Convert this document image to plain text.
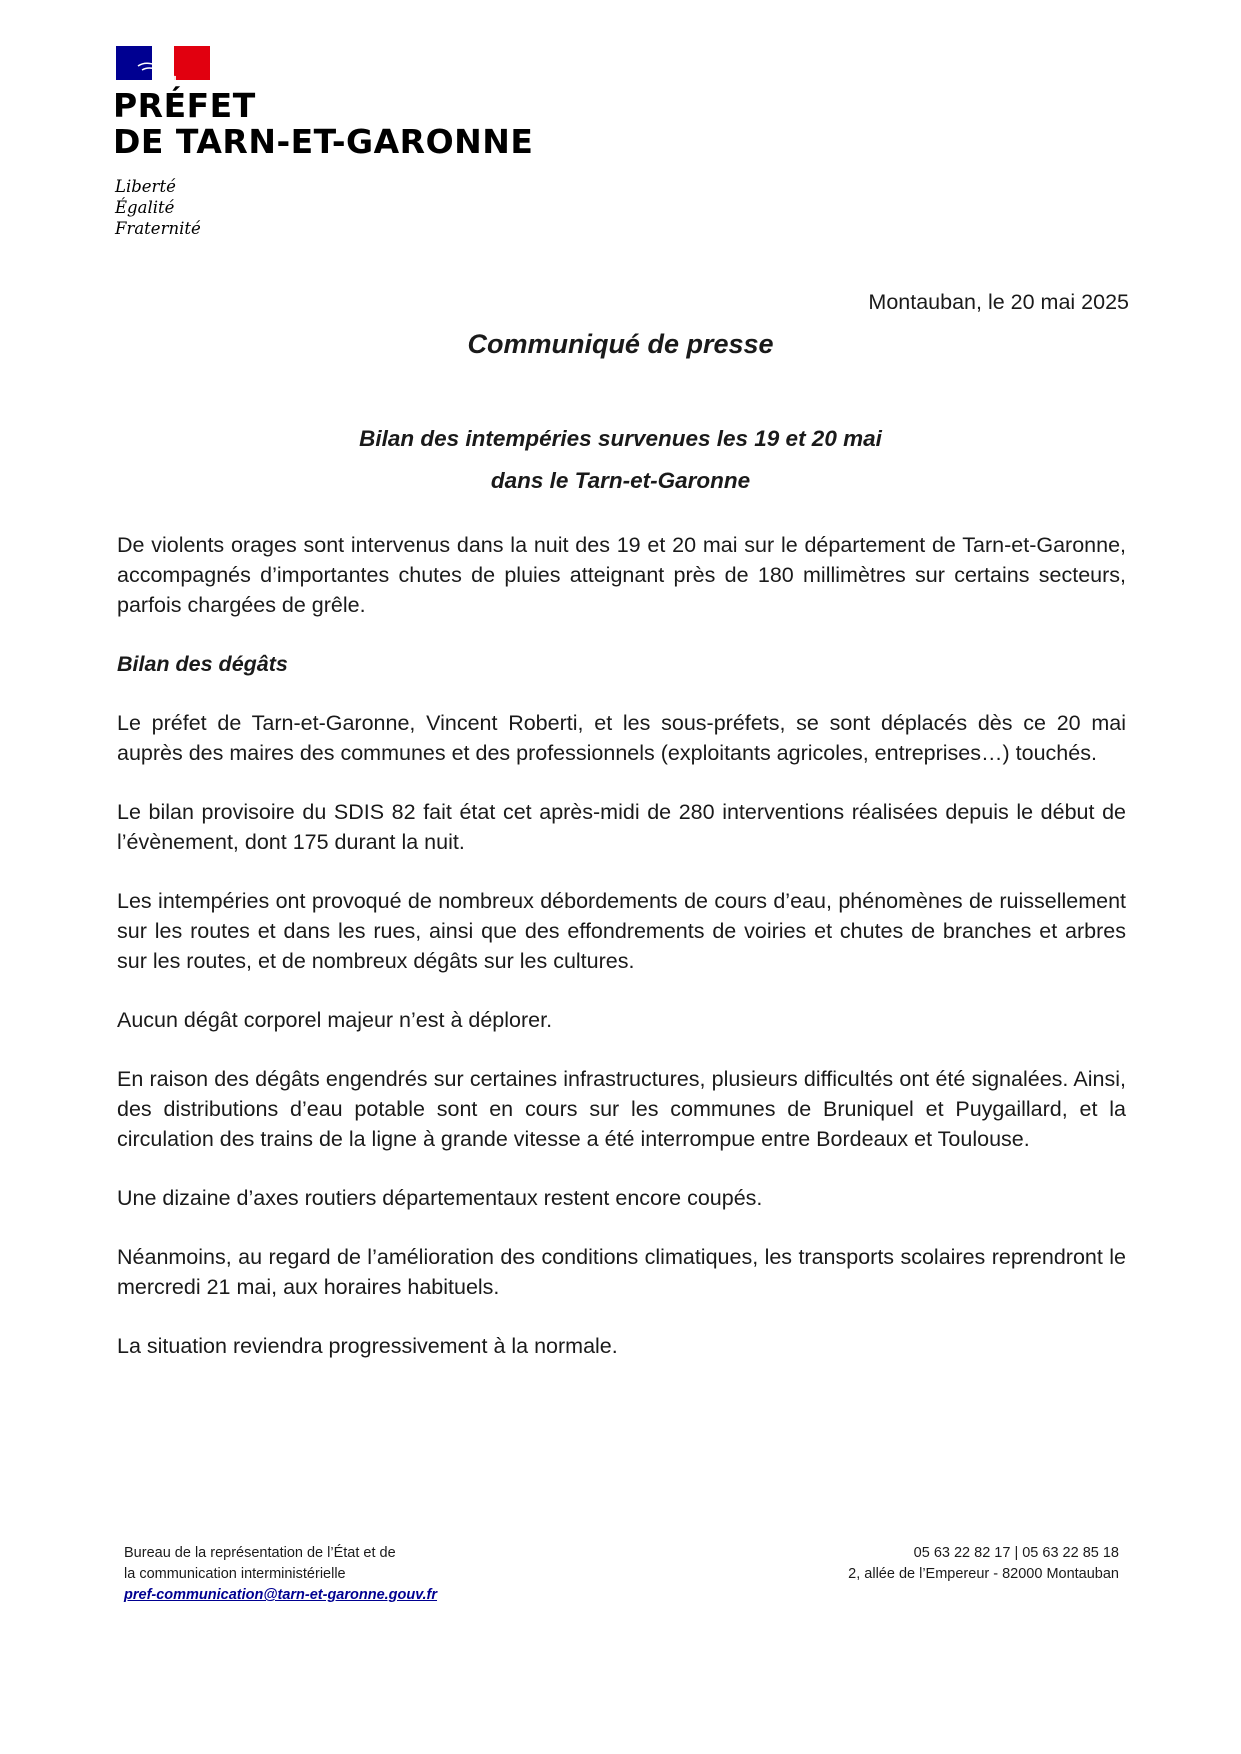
PRÉFET
DE TARN-ET-GARONNE
Liberté
Égalité
Fraternité
Montauban, le 20 mai 2025
Communiqué de presse
Bilan des intempéries survenues les 19 et 20 mai
dans le Tarn-et-Garonne

De violents orages sont intervenus dans la nuit des 19 et 20 mai sur le département de Tarn-et-Garonne, accompagnés d’importantes chutes de pluies atteignant près de 180 millimètres sur certains secteurs, parfois chargées de grêle.

Bilan des dégâts

Le préfet de Tarn-et-Garonne, Vincent Roberti, et les sous-préfets, se sont déplacés dès ce 20 mai auprès des maires des communes et des professionnels (exploitants agricoles, entreprises…) touchés.

Le bilan provisoire du SDIS 82 fait état cet après-midi de 280 interventions réalisées depuis le début de l’évènement, dont 175 durant la nuit.

Les intempéries ont provoqué de nombreux débordements de cours d’eau, phénomènes de ruissellement sur les routes et dans les rues, ainsi que des effondrements de voiries et chutes de branches et arbres sur les routes, et de nombreux dégâts sur les cultures.

Aucun dégât corporel majeur n’est à déplorer.

En raison des dégâts engendrés sur certaines infrastructures, plusieurs difficultés ont été signalées. Ainsi, des distributions d’eau potable sont en cours sur les communes de Bruniquel et Puygaillard, et la circulation des trains de la ligne à grande vitesse a été interrompue entre Bordeaux et Toulouse.

Une dizaine d’axes routiers départementaux restent encore coupés.

Néanmoins, au regard de l’amélioration des conditions climatiques, les transports scolaires reprendront le mercredi 21 mai, aux horaires habituels.

La situation reviendra progressivement à la normale.

Bureau de la représentation de l’État et de
la communication interministérielle
pref-communication@tarn-et-garonne.gouv.fr
05 63 22 82 17 | 05 63 22 85 18
2, allée de l’Empereur - 82000 Montauban
